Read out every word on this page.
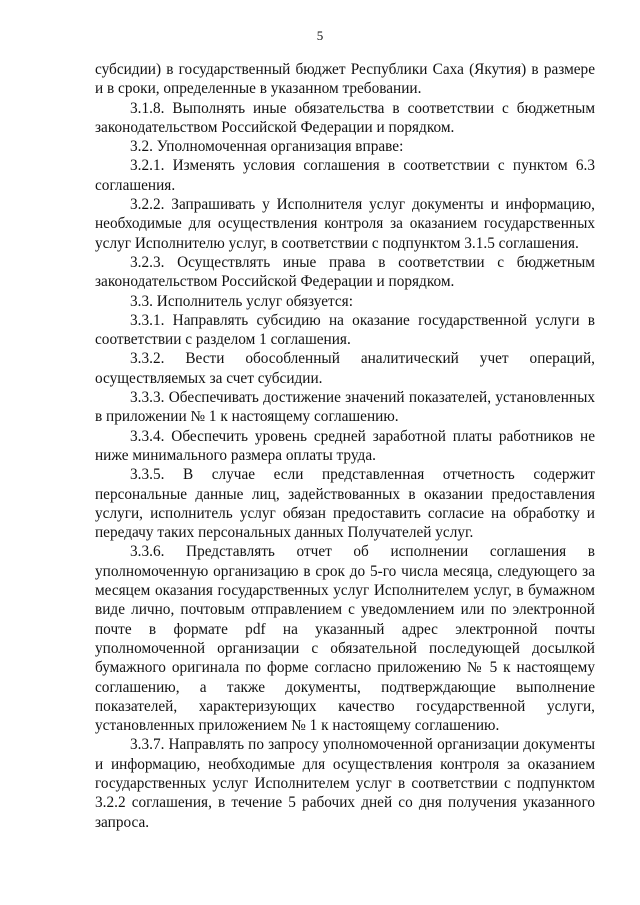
5

субсидии) в государственный бюджет Республики Саха (Якутия) в размере и в сроки, определенные в указанном требовании.

3.1.8. Выполнять иные обязательства в соответствии с бюджетным законодательством Российской Федерации и порядком.

3.2. Уполномоченная организация вправе:

3.2.1. Изменять условия соглашения в соответствии с пунктом 6.3 соглашения.

3.2.2. Запрашивать у Исполнителя услуг документы и информацию, необходимые для осуществления контроля за оказанием государственных услуг Исполнителю услуг, в соответствии с подпунктом 3.1.5 соглашения.

3.2.3. Осуществлять иные права в соответствии с бюджетным законодательством Российской Федерации и порядком.

3.3. Исполнитель услуг обязуется:

3.3.1. Направлять субсидию на оказание государственной услуги в соответствии с разделом 1 соглашения.

3.3.2. Вести обособленный аналитический учет операций, осуществляемых за счет субсидии.

3.3.3. Обеспечивать достижение значений показателей, установленных в приложении № 1 к настоящему соглашению.

3.3.4. Обеспечить уровень средней заработной платы работников не ниже минимального размера оплаты труда.

3.3.5. В случае если представленная отчетность содержит персональные данные лиц, задействованных в оказании предоставления услуги, исполнитель услуг обязан предоставить согласие на обработку и передачу таких персональных данных Получателей услуг.

3.3.6. Представлять отчет об исполнении соглашения в уполномоченную организацию в срок до 5-го числа месяца, следующего за месяцем оказания государственных услуг Исполнителем услуг, в бумажном виде лично, почтовым отправлением с уведомлением или по электронной почте в формате pdf на указанный адрес электронной почты уполномоченной организации с обязательной последующей досылкой бумажного оригинала по форме согласно приложению № 5 к настоящему соглашению, а также документы, подтверждающие выполнение показателей, характеризующих качество государственной услуги, установленных приложением № 1 к настоящему соглашению.

3.3.7. Направлять по запросу уполномоченной организации документы и информацию, необходимые для осуществления контроля за оказанием государственных услуг Исполнителем услуг в соответствии с подпунктом 3.2.2 соглашения, в течение 5 рабочих дней со дня получения указанного запроса.
